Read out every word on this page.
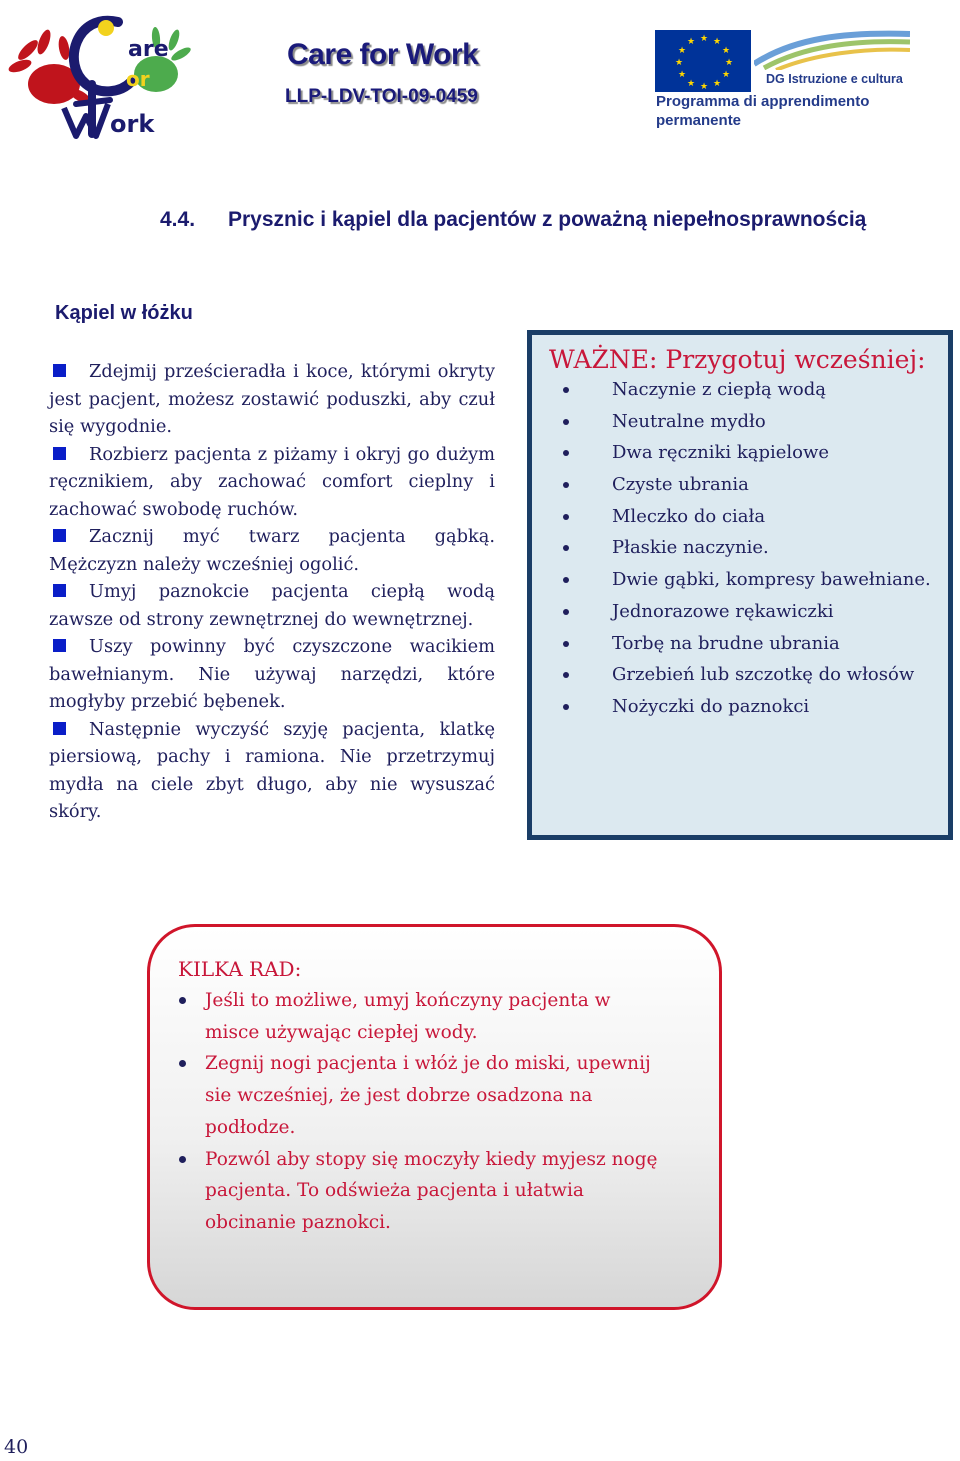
are
or
ork
Care for Work
LLP-LDV-TOI-09-0459
★ ★
★
★
★
★
★
★
★
★
★
★
DG Istruzione e cultura
Programma di apprendimento
permanente
4.4. Prysznic i kąpiel dla pacjentów z poważną niepełnosprawnością
Kąpiel w łóżku
Zdejmij prześcieradła i koce, którymi okryty jest pacjent, możesz zostawić poduszki, aby czuł się wygodnie.
Rozbierz pacjenta z piżamy i okryj go dużym ręcznikiem, aby zachować comfort cieplny i zachować swobodę ruchów.
Zacznij myć twarz pacjenta gąbką. Mężczyzn należy wcześniej ogolić.
Umyj paznokcie pacjenta ciepłą wodą zawsze od strony zewnętrznej do wewnętrznej.
Uszy powinny być czyszczone wacikiem bawełnianym. Nie używaj narzędzi, które mogłyby przebić bębenek.
Następnie wyczyść szyję pacjenta, klatkę piersiową, pachy i ramiona. Nie przetrzymuj mydła na ciele zbyt długo, aby nie wysuszać skóry.
WAŻNE: Przygotuj wcześniej:
Naczynie z ciepłą wodą
Neutralne mydło
Dwa ręczniki kąpielowe
Czyste ubrania
Mleczko do ciała
Płaskie naczynie.
Dwie gąbki, kompresy bawełniane.
Jednorazowe rękawiczki
Torbę na brudne ubrania
Grzebień lub szczotkę do włosów
Nożyczki do paznokci
KILKA RAD:
Jeśli to możliwe, umyj kończyny pacjenta w misce używając ciepłej wody.
Zegnij nogi pacjenta i włóż je do miski, upewnij sie wcześniej, że jest dobrze osadzona na podłodze.
Pozwól aby stopy się moczyły kiedy myjesz nogę pacjenta. To odświeża pacjenta i ułatwia obcinanie paznokci.
40
